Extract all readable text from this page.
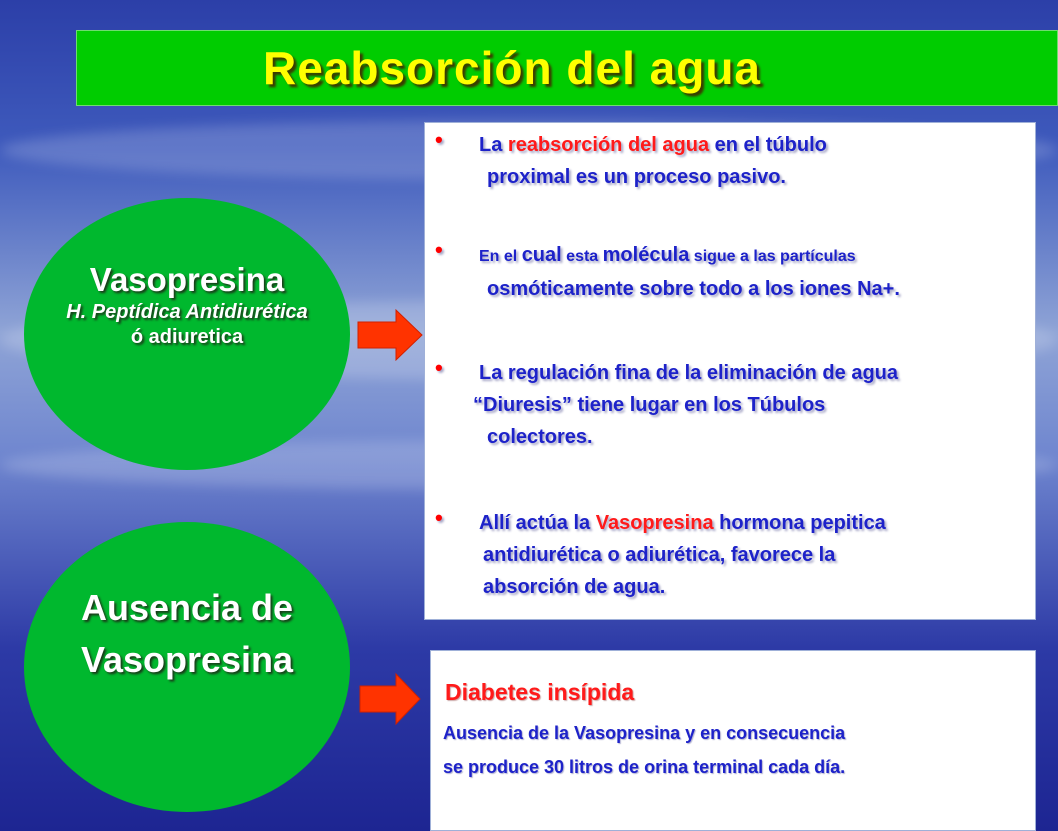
Reabsorción del agua
Vasopresina
H. Peptídica Antidiurética
ó adiuretica
Ausencia de
Vasopresina
•	La reabsorción del agua en el túbulo
proximal es un proceso pasivo.
•	En el cual esta molécula sigue a las partículas
osmóticamente sobre todo a los iones Na+.
•	La regulación fina de la eliminación de agua
“Diuresis” tiene lugar en los Túbulos
colectores.
•	Allí actúa la Vasopresina hormona pepitica
antidiurética o adiurética, favorece la
absorción de agua.
Diabetes insípida
Ausencia de la Vasopresina y en consecuencia
se produce 30 litros de orina terminal cada día.
